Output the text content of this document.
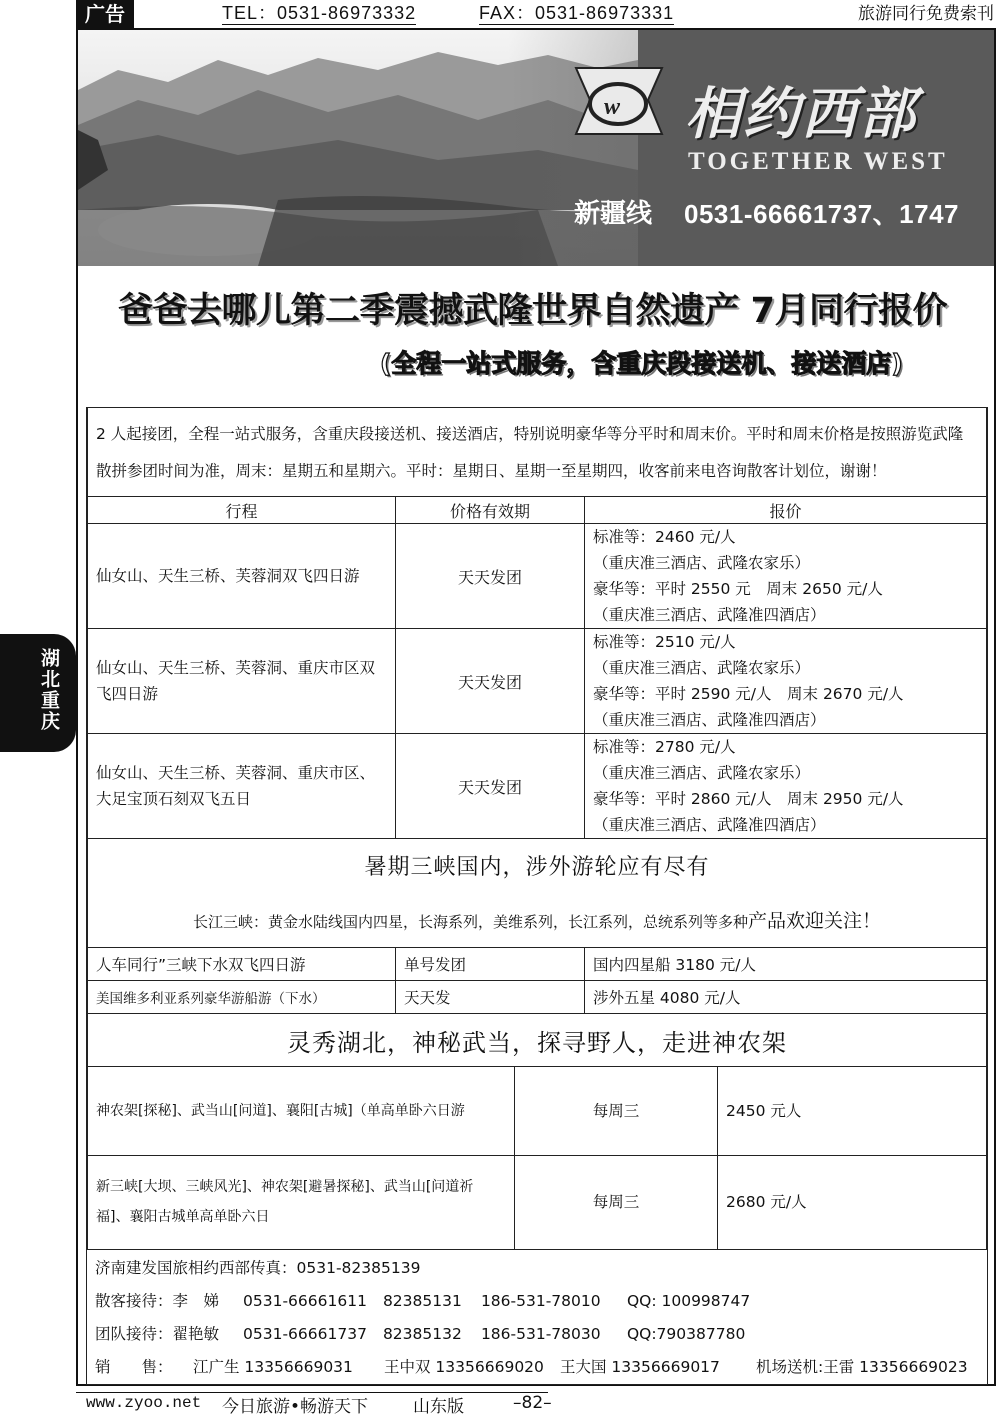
广告	TEL：0531-86973332	FAX：0531-86973331	旅游同行免费索刊
w 相约西部
TOGETHER WEST
新疆线 0531-66661737、1747
爸爸去哪儿第二季震撼武隆世界自然遗产 7月同行报价
(全程一站式服务，含重庆段接送机、接送酒店)
2 人起接团，全程一站式服务，含重庆段接送机、接送酒店，特别说明豪华等分平时和周末价。平时和周末价格是按照游览武隆散拼参团时间为准，周末：星期五和星期六。平时：星期日、星期一至星期四，收客前来电咨询散客计划位，谢谢！		
行程	价格有效期	报价
仙女山、天生三桥、芙蓉洞双飞四日游	天天发团	标准等：2460 元/人
（重庆准三酒店、武隆农家乐）
豪华等：平时 2550 元　周末 2650 元/人
（重庆准三酒店、武隆准四酒店）

仙女山、天生三桥、芙蓉洞、重庆市区双飞四日游	天天发团	标准等：2510 元/人
（重庆准三酒店、武隆农家乐）
豪华等：平时 2590 元/人　周末 2670 元/人
（重庆准三酒店、武隆准四酒店）

仙女山、天生三桥、芙蓉洞、重庆市区、大足宝顶石刻双飞五日	天天发团	标准等：2780 元/人
（重庆准三酒店、武隆农家乐）
豪华等：平时 2860 元/人　周末 2950 元/人
（重庆准三酒店、武隆准四酒店）

暑期三峡国内，涉外游轮应有尽有		
长江三峡：黄金水陆线国内四星，长海系列，美维系列，长江系列，总统系列等多种产品欢迎关注！		
人车同行”三峡下水双飞四日游	单号发团	国内四星船 3180 元/人
美国维多利亚系列豪华游船游（下水）	天天发	涉外五星 4080 元/人
灵秀湖北，神秘武当，探寻野人，走进神农架		
神农架[探秘]、武当山[问道]、襄阳[古城]（单高单卧六日游	每周三	2450 元人
新三峡[大坝、三峡风光]、神农架[避暑探秘]、武当山[问道祈福]、襄阳古城单高单卧六日	每周三	2680 元/人
济南建发国旅相约西部传真：0531-82385139
散客接待：李　娣	0531-66661611	82385131	186-531-78010	QQ: 100998747
团队接待：翟艳敏	0531-66661737	82385132	186-531-78030	QQ:790387780
销　　售：	江广生 13356669031	王中双 13356669020	王大国 13356669017	机场送机:王雷 13356669023
湖北重庆
www.zyoo.net 今日旅游•畅游天下	山东版	–82–
